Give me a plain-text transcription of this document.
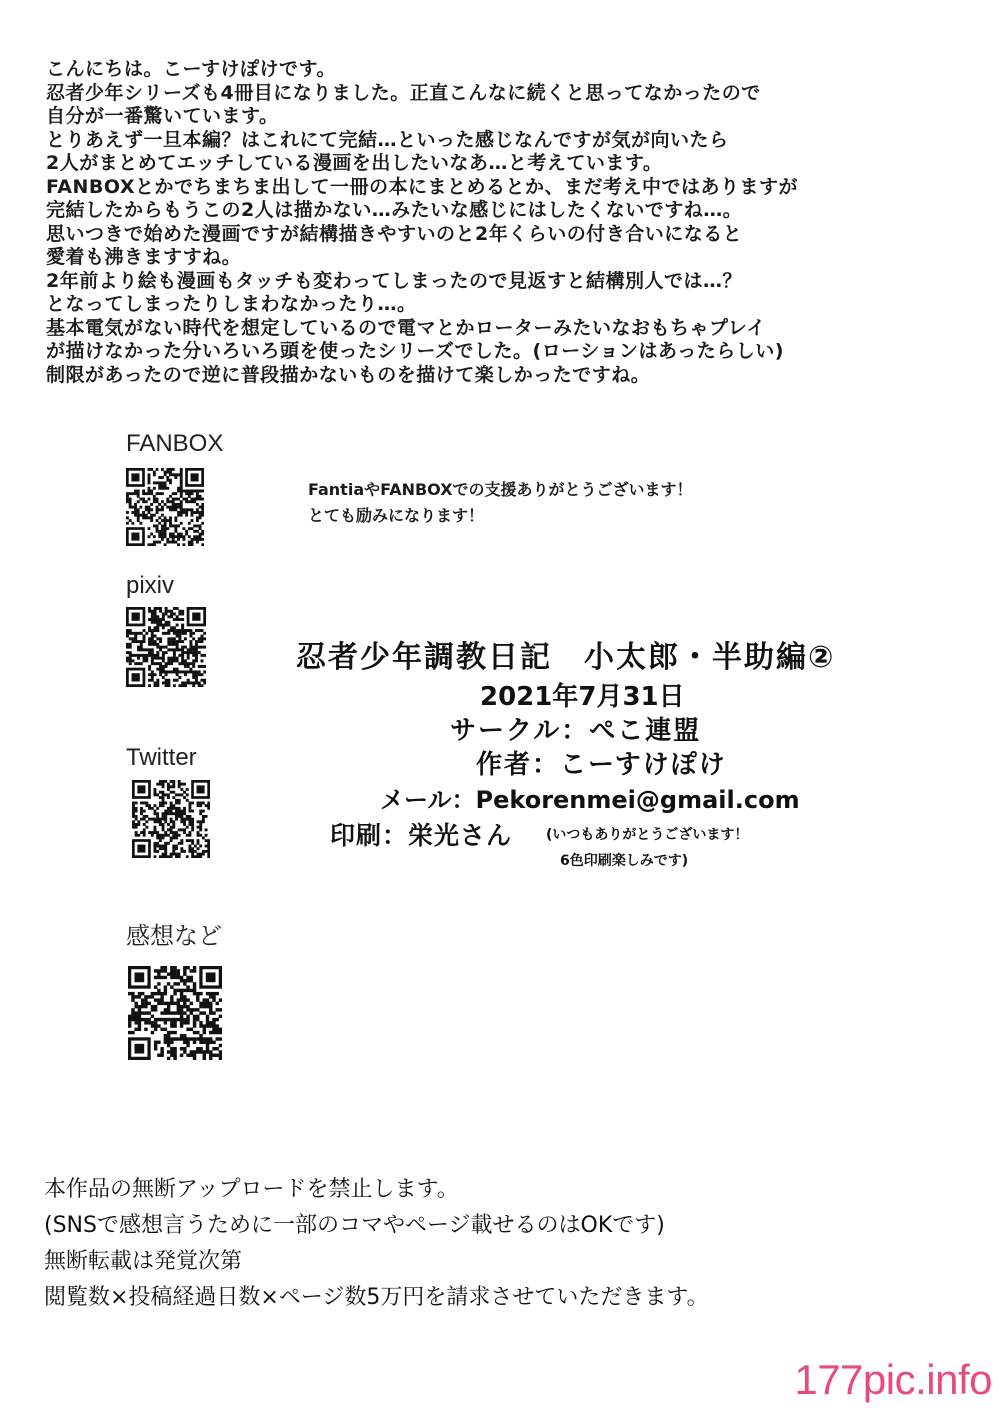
こんにちは。こーすけぽけです。
忍者少年シリーズも4冊目になりました。正直こんなに続くと思ってなかったので
自分が一番驚いています。
とりあえず一旦本編？はこれにて完結…といった感じなんですが気が向いたら
2人がまとめてエッチしている漫画を出したいなあ…と考えています。
FANBOXとかでちまちま出して一冊の本にまとめるとか、まだ考え中ではありますが
完結したからもうこの2人は描かない…みたいな感じにはしたくないですね…。
思いつきで始めた漫画ですが結構描きやすいのと2年くらいの付き合いになると
愛着も沸きますすね。
2年前より絵も漫画もタッチも変わってしまったので見返すと結構別人では…？
となってしまったりしまわなかったり…。
基本電気がない時代を想定しているので電マとかローターみたいなおもちゃプレイ
が描けなかった分いろいろ頭を使ったシリーズでした。(ローションはあったらしい)
制限があったので逆に普段描かないものを描けて楽しかったですね。
FANBOX
FantiaやFANBOXでの支援ありがとうございます！
とても励みになります！
pixiv
Twitter
感想など
忍者少年調教日記　小太郎・半助編②
2021年7月31日
サークル：ぺこ連盟
作者：こーすけぽけ
メール：Pekorenmei@gmail.com
印刷：栄光さん (いつもありがとうございます！
6色印刷楽しみです)
本作品の無断アップロードを禁止します。
(SNSで感想言うために一部のコマやページ載せるのはOKです)
無断転載は発覚次第
閲覧数×投稿経過日数×ページ数5万円を請求させていただきます。
177pic.info
